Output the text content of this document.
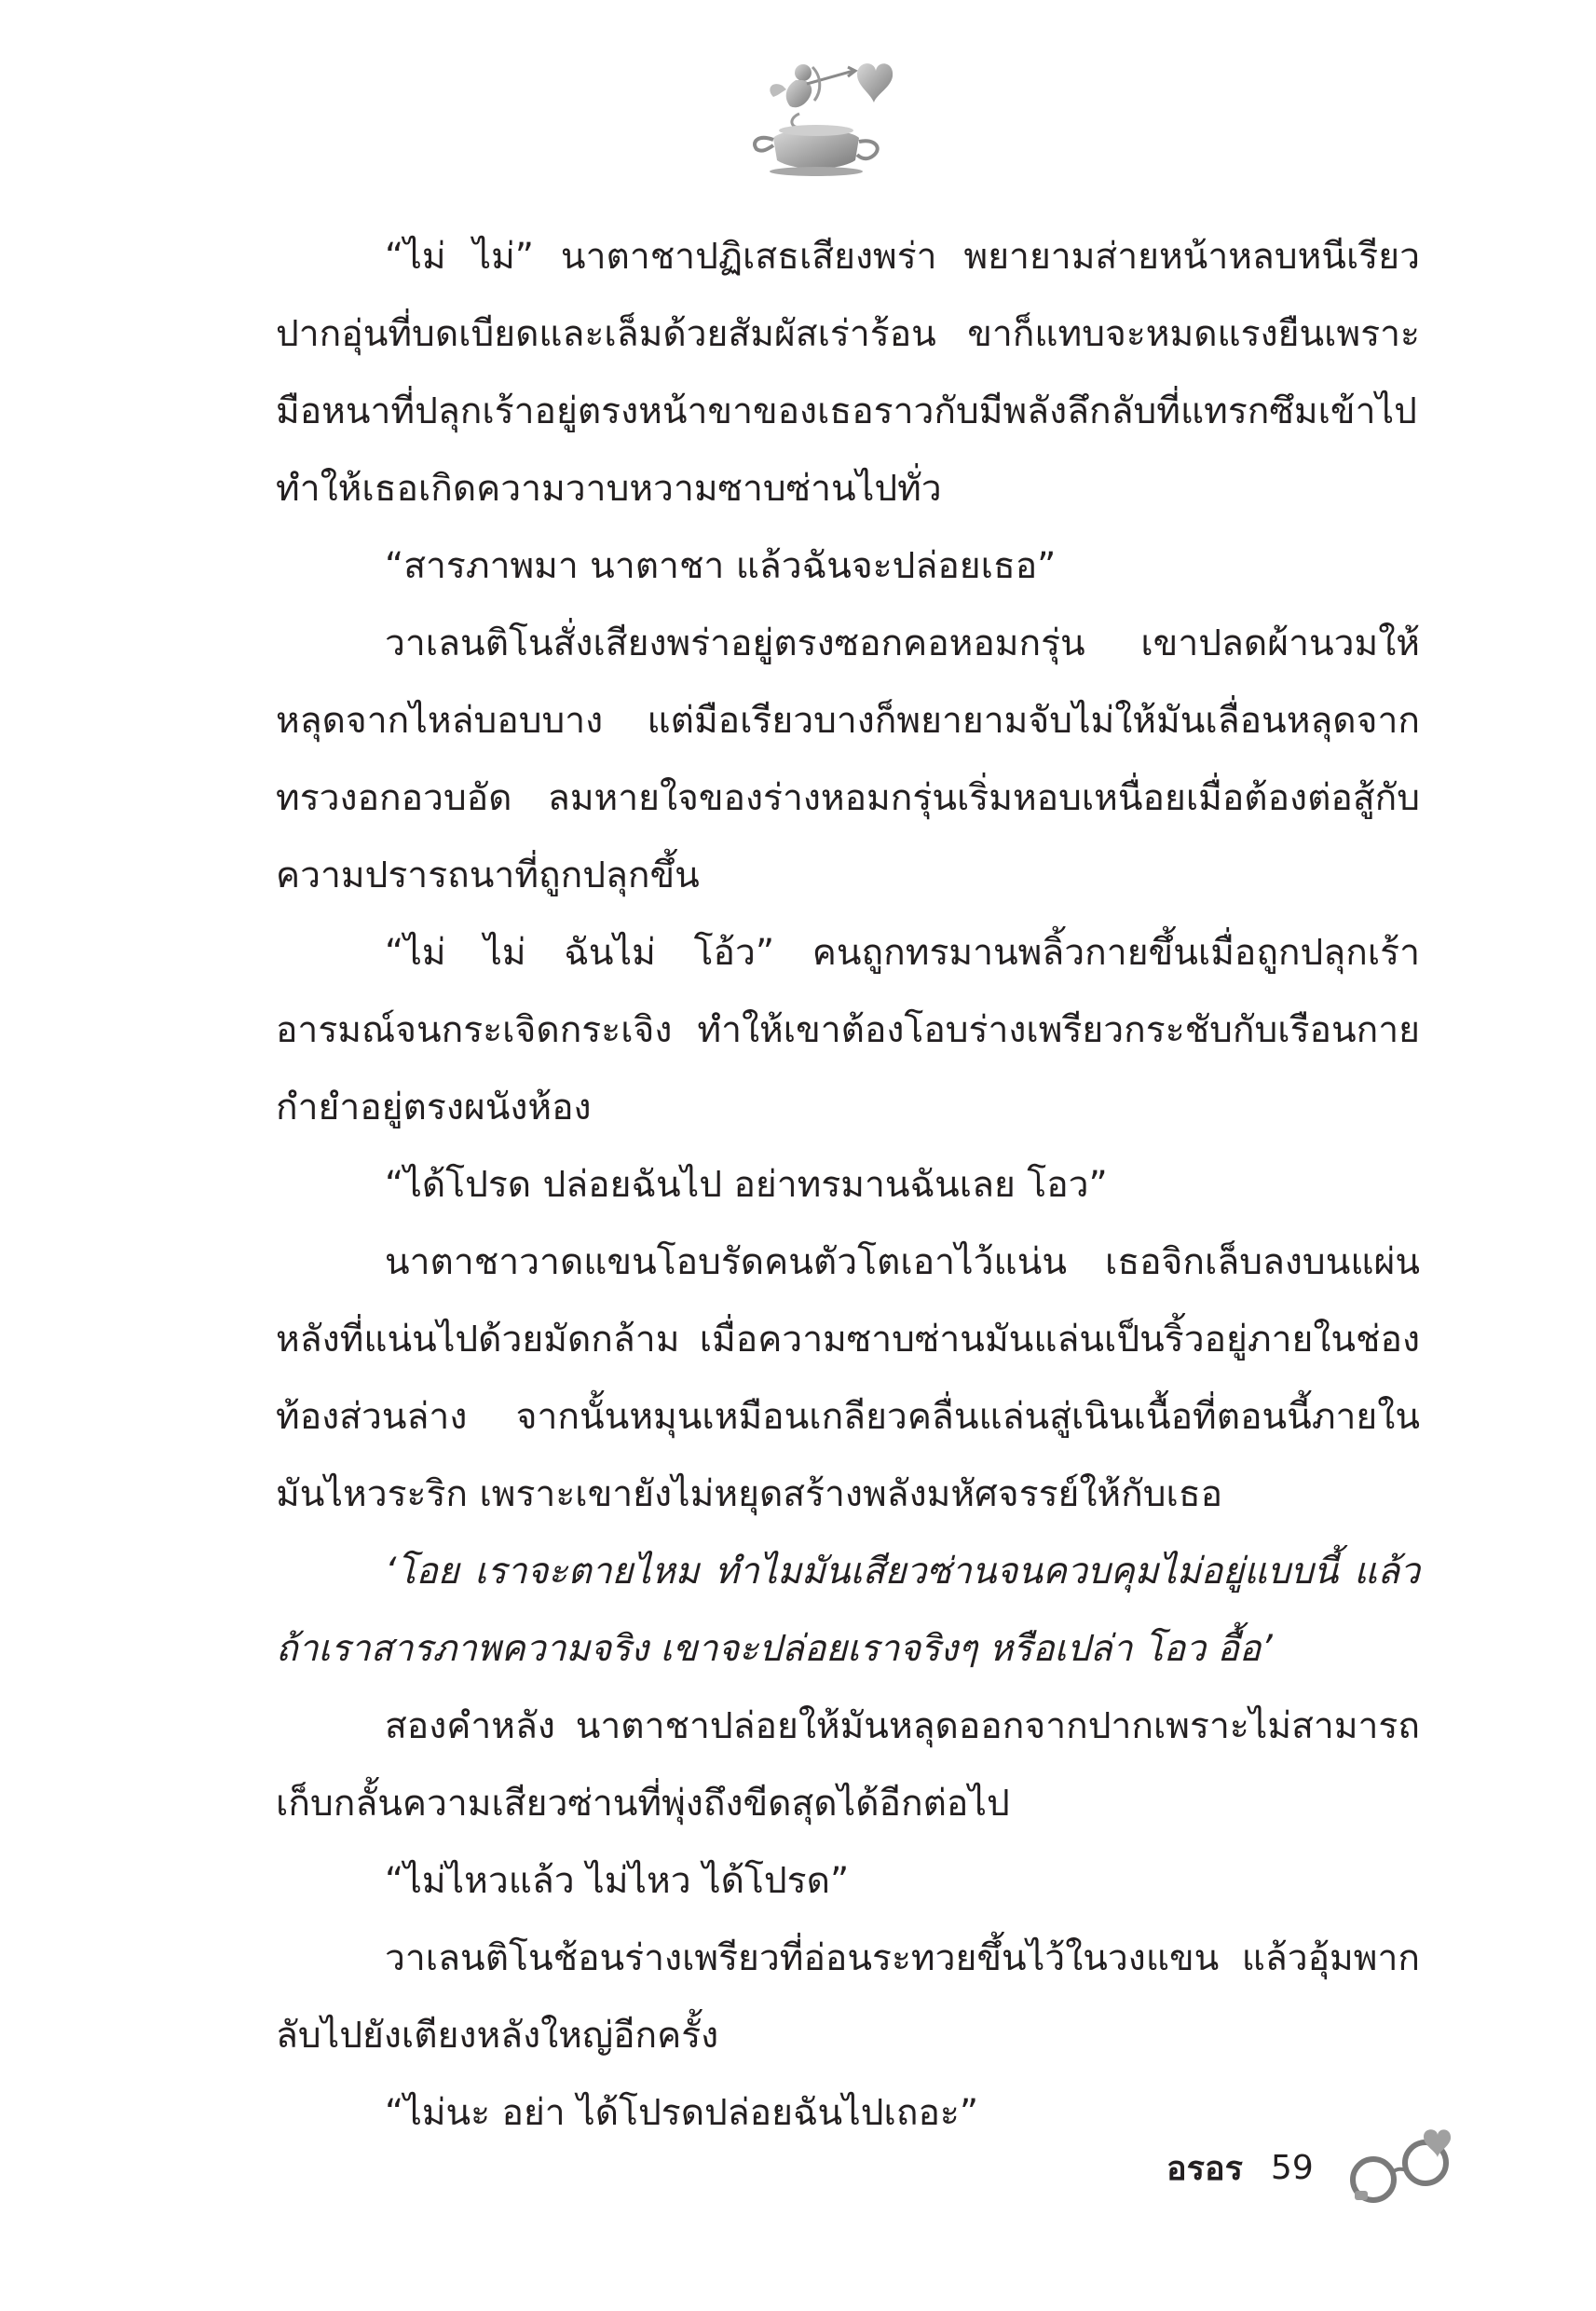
“ไม่ ไม่” นาตาชาปฏิเสธเสียงพร่า พยายามส่ายหน้าหลบหนีเรียวปากอุ่นที่บดเบียดและเล็มด้วยสัมผัสเร่าร้อน ขาก็แทบจะหมดแรงยืนเพราะมือหนาที่ปลุกเร้าอยู่ตรงหน้าขาของเธอราวกับมีพลังลึกลับที่แทรกซึมเข้าไปทำให้เธอเกิดความวาบหวามซาบซ่านไปทั่ว

“สารภาพมา นาตาชา แล้วฉันจะปล่อยเธอ”

วาเลนติโนสั่งเสียงพร่าอยู่ตรงซอกคอหอมกรุ่น เขาปลดผ้านวมให้หลุดจากไหล่บอบบาง แต่มือเรียวบางก็พยายามจับไม่ให้มันเลื่อนหลุดจากทรวงอกอวบอัด ลมหายใจของร่างหอมกรุ่นเริ่มหอบเหนื่อยเมื่อต้องต่อสู้กับความปรารถนาที่ถูกปลุกขึ้น

“ไม่ ไม่ ฉันไม่ โอ้ว” คนถูกทรมานพลิ้วกายขึ้นเมื่อถูกปลุกเร้าอารมณ์จนกระเจิดกระเจิง ทำให้เขาต้องโอบร่างเพรียวกระชับกับเรือนกายกำยำอยู่ตรงผนังห้อง

“ได้โปรด ปล่อยฉันไป อย่าทรมานฉันเลย โอว”

นาตาชาวาดแขนโอบรัดคนตัวโตเอาไว้แน่น เธอจิกเล็บลงบนแผ่นหลังที่แน่นไปด้วยมัดกล้าม เมื่อความซาบซ่านมันแล่นเป็นริ้วอยู่ภายในช่องท้องส่วนล่าง จากนั้นหมุนเหมือนเกลียวคลื่นแล่นสู่เนินเนื้อที่ตอนนี้ภายในมันไหวระริก เพราะเขายังไม่หยุดสร้างพลังมหัศจรรย์ให้กับเธอ

‘โอย เราจะตายไหม ทำไมมันเสียวซ่านจนควบคุมไม่อยู่แบบนี้ แล้วถ้าเราสารภาพความจริง เขาจะปล่อยเราจริงๆ หรือเปล่า โอว อื้อ’

สองคำหลัง นาตาชาปล่อยให้มันหลุดออกจากปากเพราะไม่สามารถเก็บกลั้นความเสียวซ่านที่พุ่งถึงขีดสุดได้อีกต่อไป

“ไม่ไหวแล้ว ไม่ไหว ได้โปรด”

วาเลนติโนช้อนร่างเพรียวที่อ่อนระทวยขึ้นไว้ในวงแขน แล้วอุ้มพากลับไปยังเตียงหลังใหญ่อีกครั้ง

“ไม่นะ อย่า ได้โปรดปล่อยฉันไปเถอะ”

อรอร 59
